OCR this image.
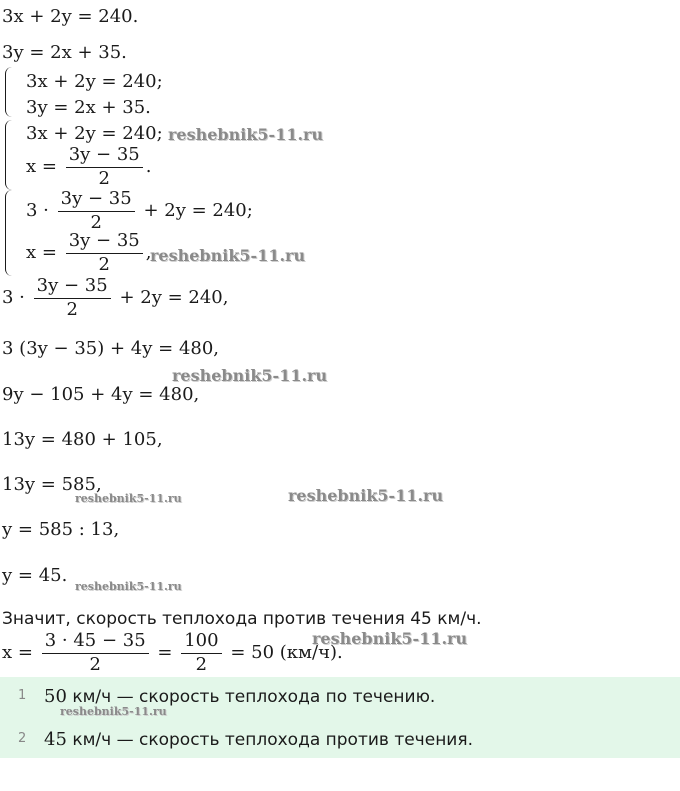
3x + 2y = 240.
3y = 2x + 35.
3x + 2y = 240;
3y = 2x + 35.
3x + 2y = 240;
$x = \frac{3y - 35}{2}$ .
$3 \cdot \frac{3y - 35}{2} + 2y = 240$;
$x = \frac{3y - 35}{2}$ ,
$3 \cdot \frac{3y - 35}{2} + 2y = 240$,
3 (3y − 35) + 4y = 480,
9y − 105 + 4y = 480,
13y = 480 + 105,
13y = 585,
y = 585 : 13,
y = 45.
Значит, скорость теплохода против течения 45 км/ч.
$x = \frac{3 \cdot 45 - 35}{2} = \frac{100}{2} = 50$ (км/ч).
1 50 км/ч — скорость теплохода по течению.
2 45 км/ч — скорость теплохода против течения.
reshebnik5-11.ru
reshebnik5-11.ru
reshebnik5-11.ru
reshebnik5-11.ru	reshebnik5-11.ru
reshebnik5-11.ru
reshebnik5-11.ru
reshebnik5-11.ru
